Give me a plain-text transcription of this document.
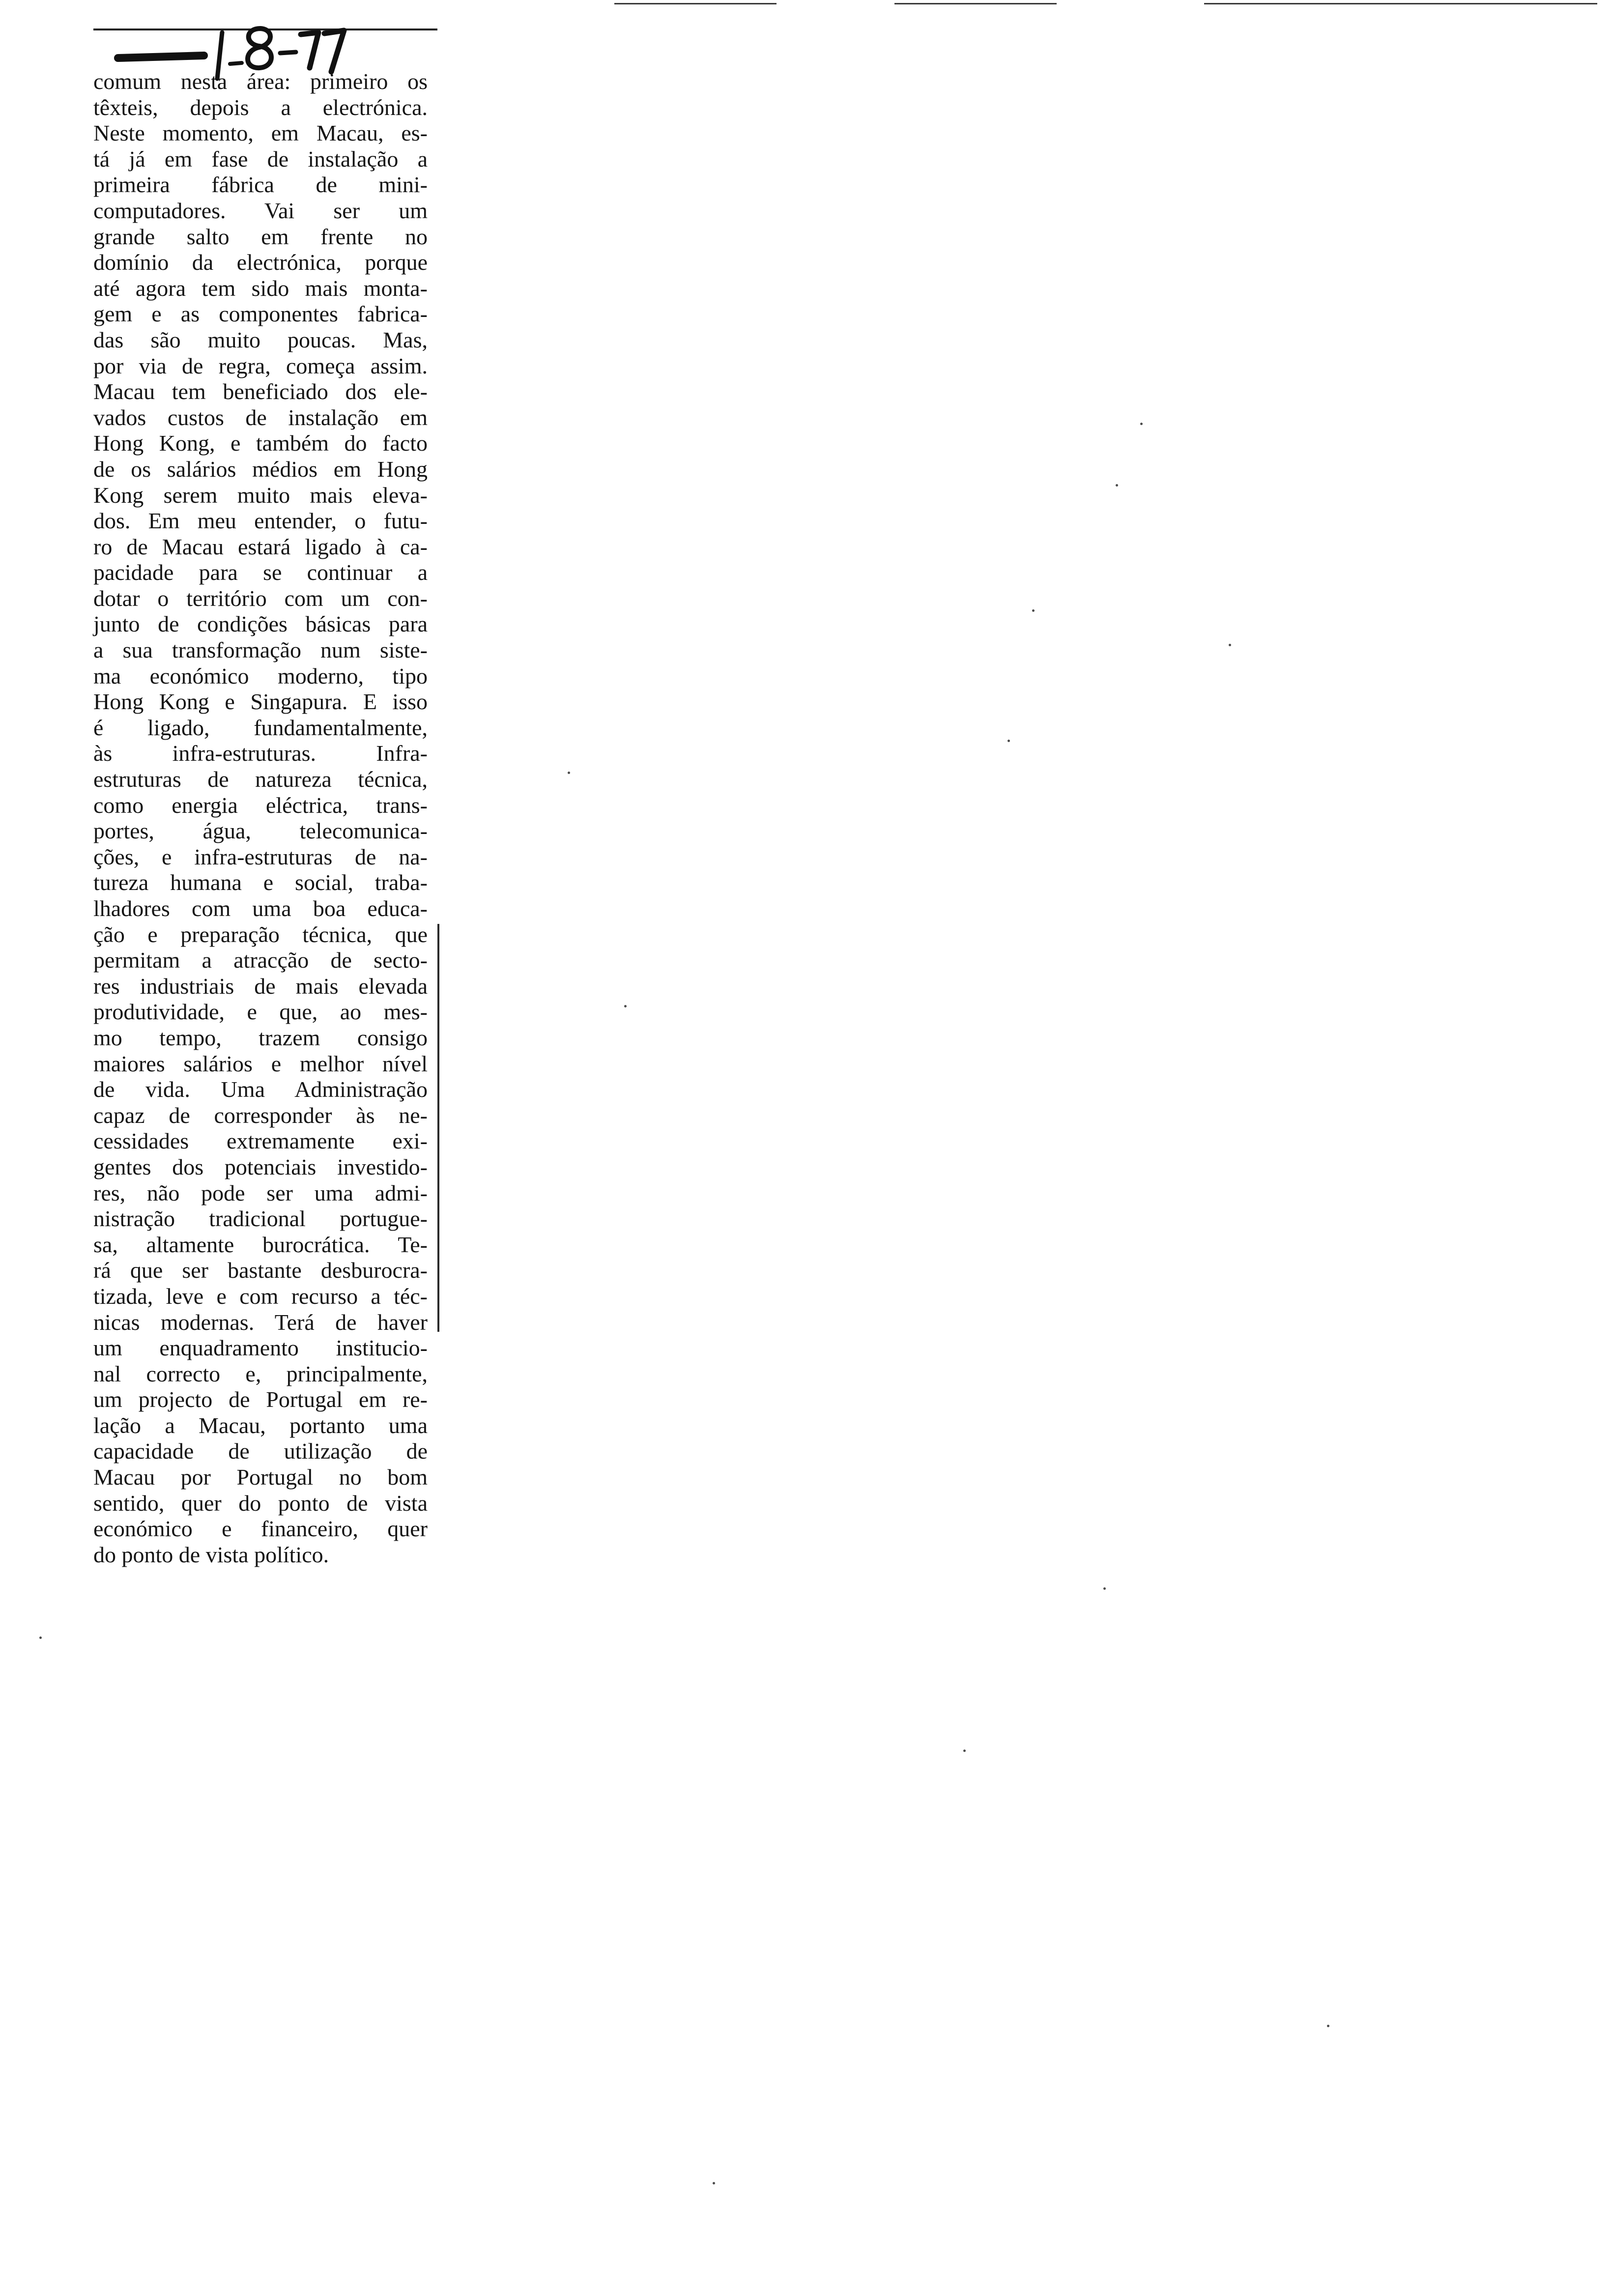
comum nesta área: primeiro os
têxteis, depois a electrónica.
Neste momento, em Macau, es-
tá já em fase de instalação a
primeira fábrica de mini-
computadores. Vai ser um
grande salto em frente no
domínio da electrónica, porque
até agora tem sido mais monta-
gem e as componentes fabrica-
das são muito poucas. Mas,
por via de regra, começa assim.
Macau tem beneficiado dos ele-
vados custos de instalação em
Hong Kong, e também do facto
de os salários médios em Hong
Kong serem muito mais eleva-
dos. Em meu entender, o futu-
ro de Macau estará ligado à ca-
pacidade para se continuar a
dotar o território com um con-
junto de condições básicas para
a sua transformação num siste-
ma económico moderno, tipo
Hong Kong e Singapura. E isso
é ligado, fundamentalmente,
às infra-estruturas. Infra-
estruturas de natureza técnica,
como energia eléctrica, trans-
portes, água, telecomunica-
ções, e infra-estruturas de na-
tureza humana e social, traba-
lhadores com uma boa educa-
ção e preparação técnica, que
permitam a atracção de secto-
res industriais de mais elevada
produtividade, e que, ao mes-
mo tempo, trazem consigo
maiores salários e melhor nível
de vida. Uma Administração
capaz de corresponder às ne-
cessidades extremamente exi-
gentes dos potenciais investido-
res, não pode ser uma admi-
nistração tradicional portugue-
sa, altamente burocrática. Te-
rá que ser bastante desburocra-
tizada, leve e com recurso a téc-
nicas modernas. Terá de haver
um enquadramento institucio-
nal correcto e, principalmente,
um projecto de Portugal em re-
lação a Macau, portanto uma
capacidade de utilização de
Macau por Portugal no bom
sentido, quer do ponto de vista
económico e financeiro, quer
do ponto de vista político.
